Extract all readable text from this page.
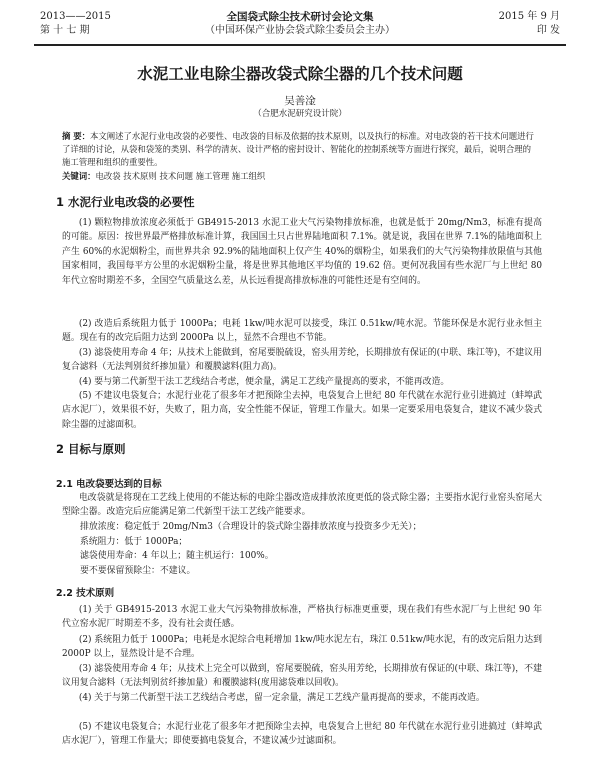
2013——2015
第 十 七 期
全国袋式除尘技术研讨会论文集
（中国环保产业协会袋式除尘委员会主办）
2015 年 9 月
印 发
水泥工业电除尘器改袋式除尘器的几个技术问题
吴善淦
（合肥水泥研究设计院）
摘 要：本文阐述了水泥行业电改袋的必要性、电改袋的目标及依据的技术原则，以及执行的标准。对电改袋的若干技术问题进行了详细的讨论，从袋和袋笼的类别、科学的清灰、设计严格的密封设计、智能化的控制系统等方面进行探究，最后，说明合理的施工管理和组织的重要性。
关键词：电改袋 技术原则 技术问题 施工管理 施工组织
1 水泥行业电改袋的必要性
(1) 颗粒物排放浓度必须低于 GB4915-2013 水泥工业大气污染物排放标准，也就是低于 20mg/Nm3，标准有提高的可能。原因：按世界最严格排放标准计算，我国国土只占世界陆地面积 7.1%。就是说，我国在世界 7.1%的陆地面积上产生 60%的水泥烟粉尘，而世界共余 92.9%的陆地面积上仅产生 40%的烟粉尘，如果我们的大气污染物排放限值与其他国家相同，我国每平方公里的水泥烟粉尘量，将是世界其他地区平均值的 19.62 倍。更何况我国有些水泥厂与上世纪 80 年代立窑时期差不多，全国空气质量这么差，从长远看提高排放标准的可能性还是有空间的。
(2) 改造后系统阻力低于 1000Pa；电耗 1kw/吨水泥可以接受，珠江 0.51kw/吨水泥。节能环保是水泥行业永恒主题。现在有的改完后阻力达到 2000Pa 以上，显然不合理也不节能。
(3) 滤袋使用寿命 4 年；从技术上能做到，窑尾要脱硫设，窑头用芳纶，长期排放有保证的(中联、珠江等)，不建议用复合滤料（无法判别贫纤掺加量）和覆膜滤料(阻力高)。
(4) 要与第二代新型干法工艺线结合考虑，便余量，满足工艺线产量提高的要求，不能再改造。
(5) 不建议电袋复合；水泥行业花了很多年才把预除尘去掉，电袋复合上世纪 80 年代就在水泥行业引进搞过（蚌埠武店水泥厂），效果很不好，失败了，阻力高，安全性能不保证，管理工作量大。如果一定要采用电袋复合，建议不减少袋式除尘器的过滤面积。
2 目标与原则
2.1 电改袋要达到的目标
电改袋就是将现在工艺线上使用的不能达标的电除尘器改造成排放浓度更低的袋式除尘器；主要指水泥行业窑头窑尾大型除尘器。改造完后应能满足第二代新型干法工艺线产能要求。
排放浓度：稳定低于 20mg/Nm3（合理设计的袋式除尘器排放浓度与投资多少无关）；
系统阻力：低于 1000Pa；
滤袋使用寿命：4 年以上；随主机运行：100%。
要不要保留预除尘：不建议。
2.2 技术原则
(1) 关于 GB4915-2013 水泥工业大气污染物排放标准，严格执行标准更重要，现在我们有些水泥厂与上世纪 90 年代立窑水泥厂时期差不多，没有社会责任感。
(2) 系统阻力低于 1000Pa；电耗是水泥综合电耗增加 1kw/吨水泥左右，珠江 0.51kw/吨水泥，有的改完后阻力达到 2000P 以上，显然设计是不合理。
(3) 滤袋使用寿命 4 年；从技术上完全可以做到，窑尾要脱硫，窑头用芳纶，长期排放有保证的(中联、珠江等)，不建议用复合滤料（无法判别贫纤掺加量）和覆膜滤料(度用滤袋难以回收)。
(4) 关于与第二代新型干法工艺线结合考虑，留一定余量，满足工艺线产量再提高的要求，不能再改造。
(5) 不建议电袋复合；水泥行业花了很多年才把预除尘去掉，电袋复合上世纪 80 年代就在水泥行业引进搞过（蚌埠武店水泥厂），管理工作量大；即使要搞电袋复合，不建议减少过滤面积。
